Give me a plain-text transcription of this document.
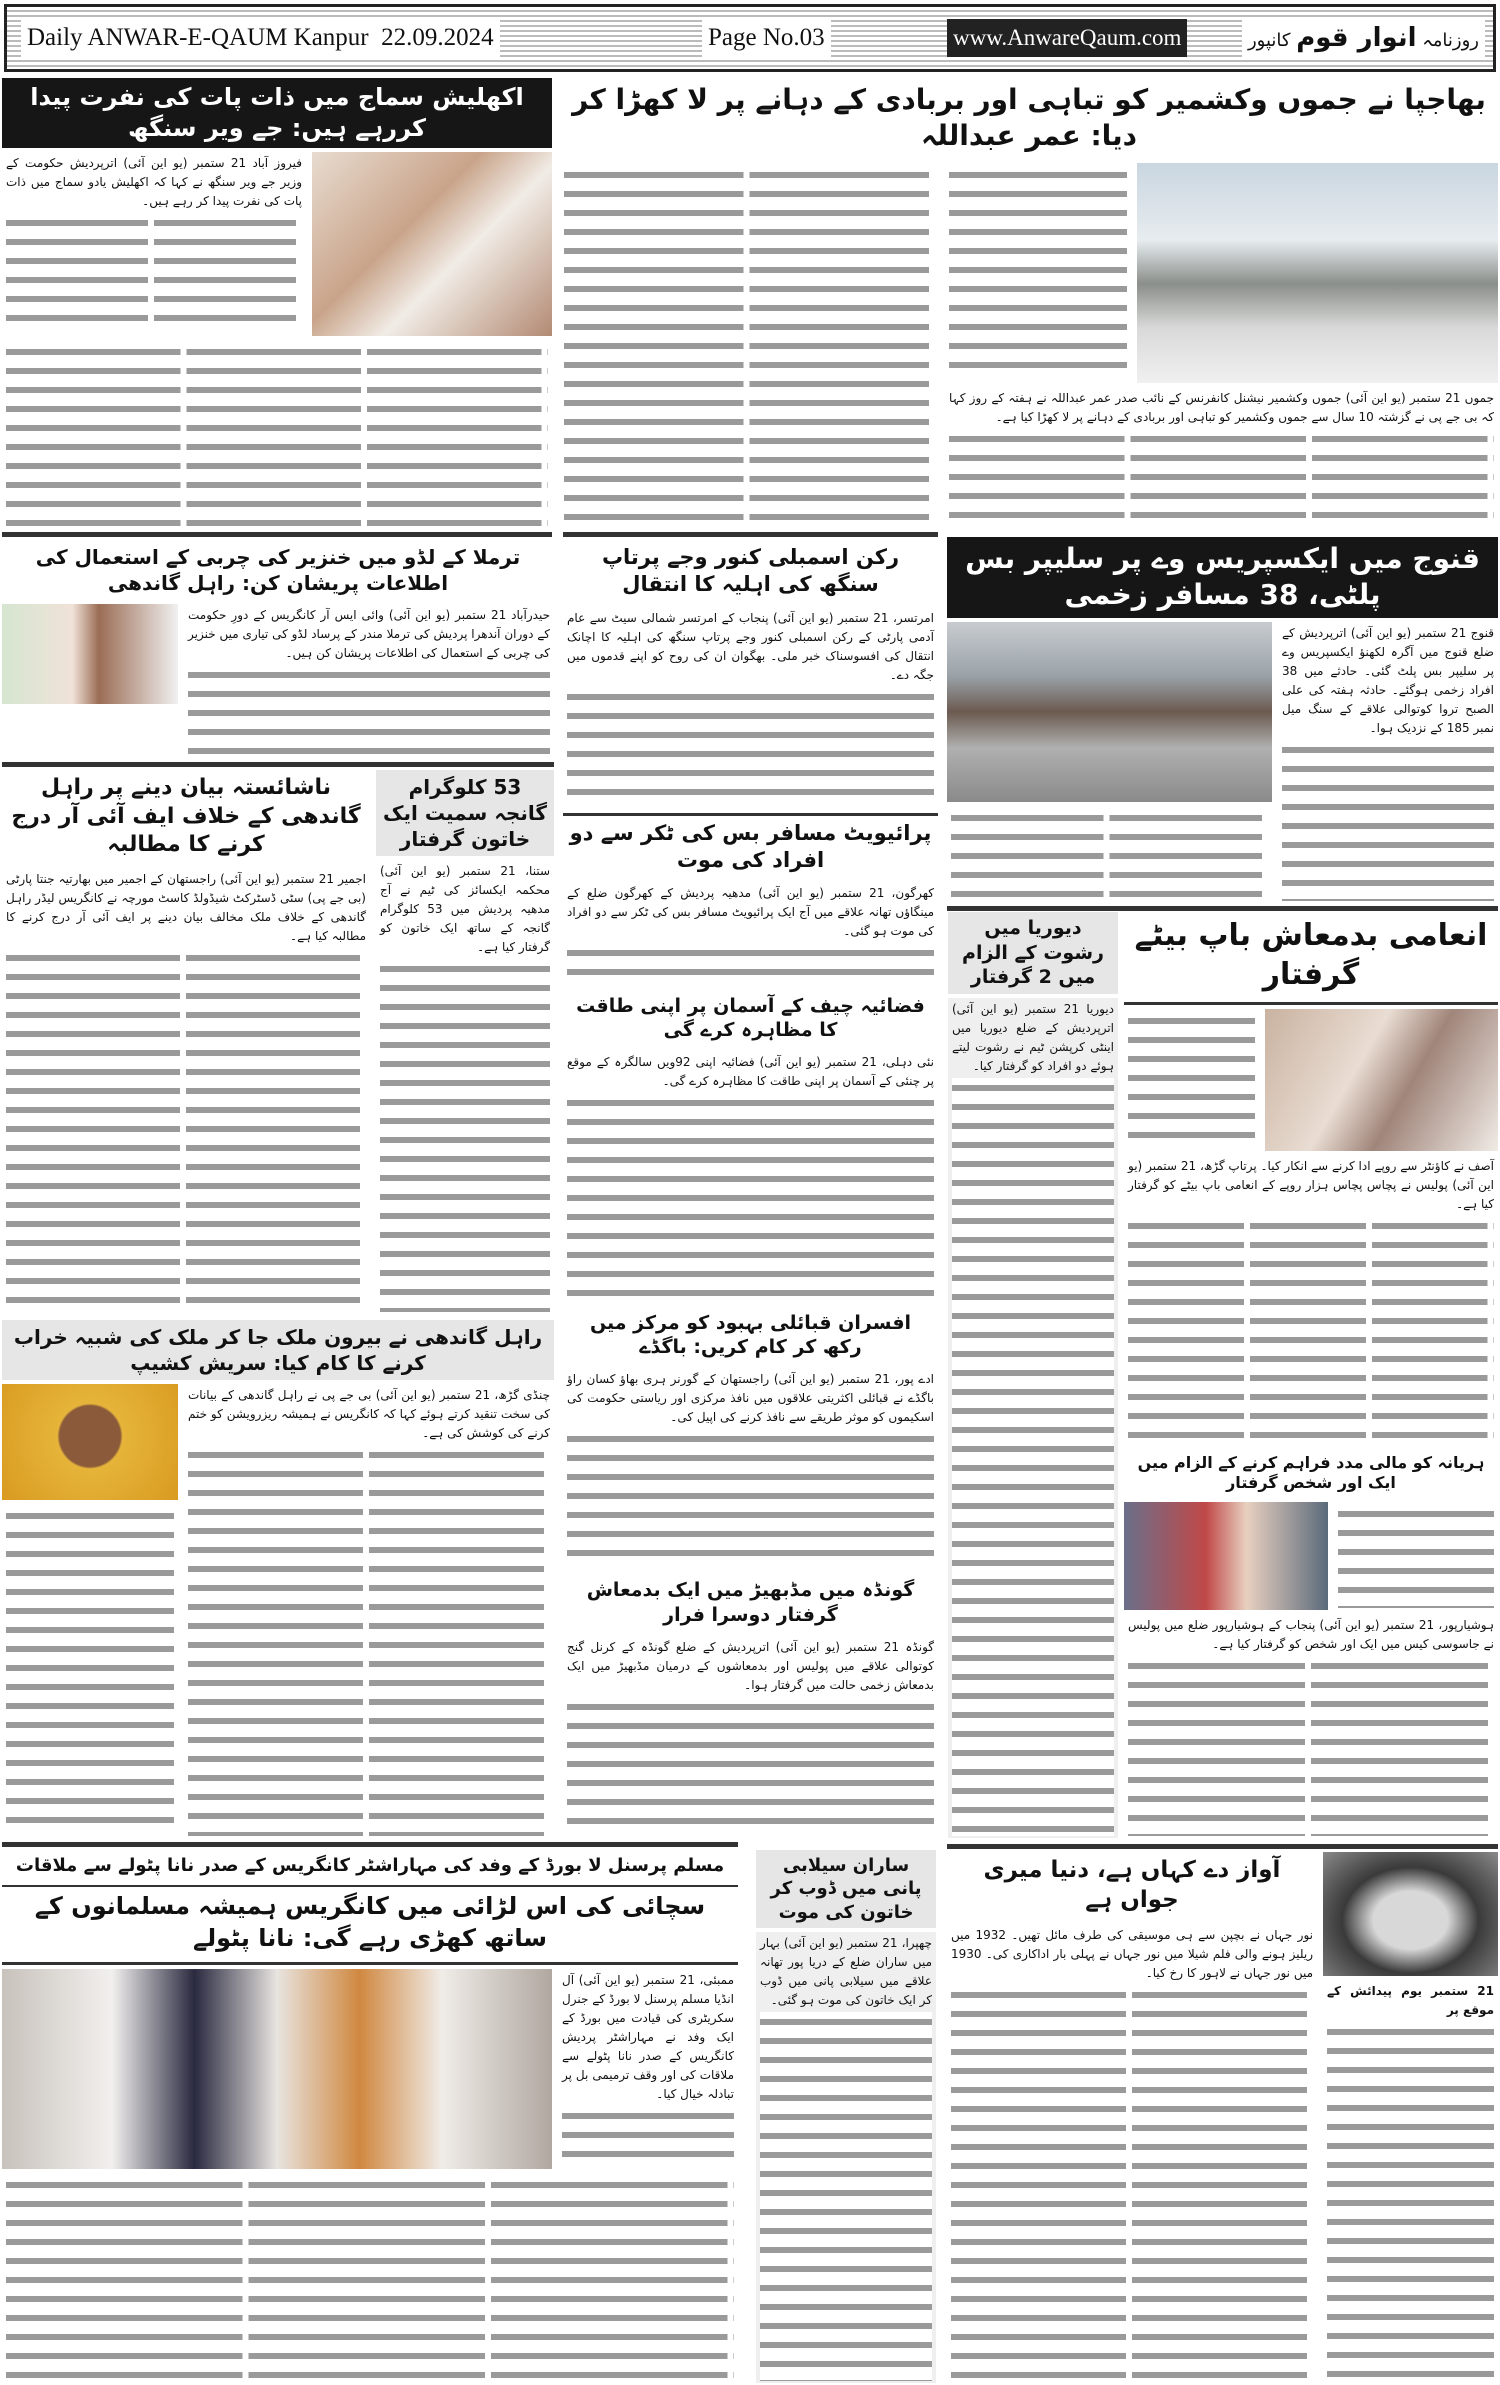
Daily ANWAR-E-QAUM Kanpur 22.09.2024	Page No.03	www.AnwareQaum.com	روزنامہ انوار قوم کانپور
اکھلیش سماج میں ذات پات کی نفرت پیدا کررہے ہیں: جے ویر سنگھ

فیروز آباد 21 ستمبر (یو این آئی) اترپردیش حکومت کے وزیر جے ویر سنگھ نے کہا کہ اکھلیش یادو سماج میں ذات پات کی نفرت پیدا کر رہے ہیں۔

بھاجپا نے جموں وکشمیر کو تباہی اور بربادی کے دہانے پر لا کھڑا کر دیا: عمر عبداللہ

جموں 21 ستمبر (یو این آئی) جموں وکشمیر نیشنل کانفرنس کے نائب صدر عمر عبداللہ نے ہفتہ کے روز کہا کہ بی جے پی نے گزشتہ 10 سال سے جموں وکشمیر کو تباہی اور بربادی کے دہانے پر لا کھڑا کیا ہے۔

ترملا کے لڈو میں خنزیر کی چربی کے استعمال کی اطلاعات پریشان کن: راہل گاندھی

حیدرآباد 21 ستمبر (یو این آئی) وائی ایس آر کانگریس کے دورِ حکومت کے دوران آندھرا پردیش کی ترملا مندر کے پرساد لڈو کی تیاری میں خنزیر کی چربی کے استعمال کی اطلاعات پریشان کن ہیں۔

رکن اسمبلی کنور وجے پرتاپ سنگھ کی اہلیہ کا انتقال

امرتسر، 21 ستمبر (یو این آئی) پنجاب کے امرتسر شمالی سیٹ سے عام آدمی پارٹی کے رکن اسمبلی کنور وجے پرتاپ سنگھ کی اہلیہ کا اچانک انتقال کی افسوسناک خبر ملی۔ بھگوان ان کی روح کو اپنے قدموں میں جگہ دے۔

پرائیویٹ مسافر بس کی ٹکر سے دو افراد کی موت

کھرگون، 21 ستمبر (یو این آئی) مدھیہ پردیش کے کھرگون ضلع کے مینگاؤں تھانہ علاقے میں آج ایک پرائیویٹ مسافر بس کی ٹکر سے دو افراد کی موت ہو گئی۔

فضائیہ چیف کے آسمان پر اپنی طاقت کا مظاہرہ کرے گی

نئی دہلی، 21 ستمبر (یو این آئی) فضائیہ اپنی 92ویں سالگرہ کے موقع پر چنئی کے آسمان پر اپنی طاقت کا مظاہرہ کرے گی۔

افسران قبائلی بہبود کو مرکز میں رکھ کر کام کریں: باگڈے

ادے پور، 21 ستمبر (یو این آئی) راجستھان کے گورنر ہری بھاؤ کسان راؤ باگڈے نے قبائلی اکثریتی علاقوں میں نافذ مرکزی اور ریاستی حکومت کی اسکیموں کو موثر طریقے سے نافذ کرنے کی اپیل کی۔

گونڈہ میں مڈبھیڑ میں ایک بدمعاش گرفتار دوسرا فرار

گونڈہ 21 ستمبر (یو این آئی) اترپردیش کے ضلع گونڈہ کے کرنل گنج کوتوالی علاقے میں پولیس اور بدمعاشوں کے درمیان مڈبھیڑ میں ایک بدمعاش زخمی حالت میں گرفتار ہوا۔

قنوج میں ایکسپریس وے پر سلیپر بس پلٹی، 38 مسافر زخمی

قنوج 21 ستمبر (یو این آئی) اترپردیش کے ضلع قنوج میں آگرہ لکھنؤ ایکسپریس وے پر سلیپر بس پلٹ گئی۔ حادثے میں 38 افراد زخمی ہوگئے۔ حادثہ ہفتہ کی علی الصبح تروا کوتوالی علاقے کے سنگ میل نمبر 185 کے نزدیک ہوا۔

ناشائستہ بیان دینے پر راہل گاندھی کے خلاف ایف آئی آر درج کرنے کا مطالبہ

اجمیر 21 ستمبر (یو این آئی) راجستھان کے اجمیر میں بھارتیہ جنتا پارٹی (بی جے پی) سٹی ڈسٹرکٹ شیڈولڈ کاسٹ مورچہ نے کانگریس لیڈر راہل گاندھی کے خلاف ملک مخالف بیان دینے پر ایف آئی آر درج کرنے کا مطالبہ کیا ہے۔

53 کلوگرام گانجہ سمیت ایک خاتون گرفتار

ستنا، 21 ستمبر (یو این آئی) محکمہ ایکسائز کی ٹیم نے آج مدھیہ پردیش میں 53 کلوگرام گانجہ کے ساتھ ایک خاتون کو گرفتار کیا ہے۔

راہل گاندھی نے بیرون ملک جا کر ملک کی شبیہ خراب کرنے کا کام کیا: سریش کشیپ

چنڈی گڑھ، 21 ستمبر (یو این آئی) بی جے پی نے راہل گاندھی کے بیانات کی سخت تنقید کرتے ہوئے کہا کہ کانگریس نے ہمیشہ ریزرویشن کو ختم کرنے کی کوشش کی ہے۔

انعامی بدمعاش باپ بیٹے گرفتار

آصف نے کاؤنٹر سے روپے ادا کرنے سے انکار کیا۔ پرتاپ گڑھ، 21 ستمبر (یو این آئی) پولیس نے پچاس پچاس ہزار روپے کے انعامی باپ بیٹے کو گرفتار کیا ہے۔

ہریانہ کو مالی مدد فراہم کرنے کے الزام میں ایک اور شخص گرفتار

ہوشیارپور، 21 ستمبر (یو این آئی) پنجاب کے ہوشیارپور ضلع میں پولیس نے جاسوسی کیس میں ایک اور شخص کو گرفتار کیا ہے۔

دیوریا میں رشوت کے الزام میں 2 گرفتار

دیوریا 21 ستمبر (یو این آئی) اترپردیش کے ضلع دیوریا میں اینٹی کرپشن ٹیم نے رشوت لیتے ہوئے دو افراد کو گرفتار کیا۔

مسلم پرسنل لا بورڈ کے وفد کی مہاراشٹر کانگریس کے صدر نانا پٹولے سے ملاقات
سچائی کی اس لڑائی میں کانگریس ہمیشہ مسلمانوں کے ساتھ کھڑی رہے گی: نانا پٹولے

ممبئی، 21 ستمبر (یو این آئی) آل انڈیا مسلم پرسنل لا بورڈ کے جنرل سکریٹری کی قیادت میں بورڈ کے ایک وفد نے مہاراشٹر پردیش کانگریس کے صدر نانا پٹولے سے ملاقات کی اور وقف ترمیمی بل پر تبادلہ خیال کیا۔

ساران سیلابی پانی میں ڈوب کر خاتون کی موت

چھپرا، 21 ستمبر (یو این آئی) بہار میں ساران ضلع کے دریا پور تھانہ علاقے میں سیلابی پانی میں ڈوب کر ایک خاتون کی موت ہو گئی۔

21 ستمبر یوم پیدائش کے موقع پر

آواز دے کہاں ہے، دنیا میری جواں ہے

نور جہاں نے بچپن سے ہی موسیقی کی طرف مائل تھیں۔ 1932 میں ریلیز ہونے والی فلم شیلا میں نور جہاں نے پہلی بار اداکاری کی۔ 1930 میں نور جہاں نے لاہور کا رخ کیا۔
